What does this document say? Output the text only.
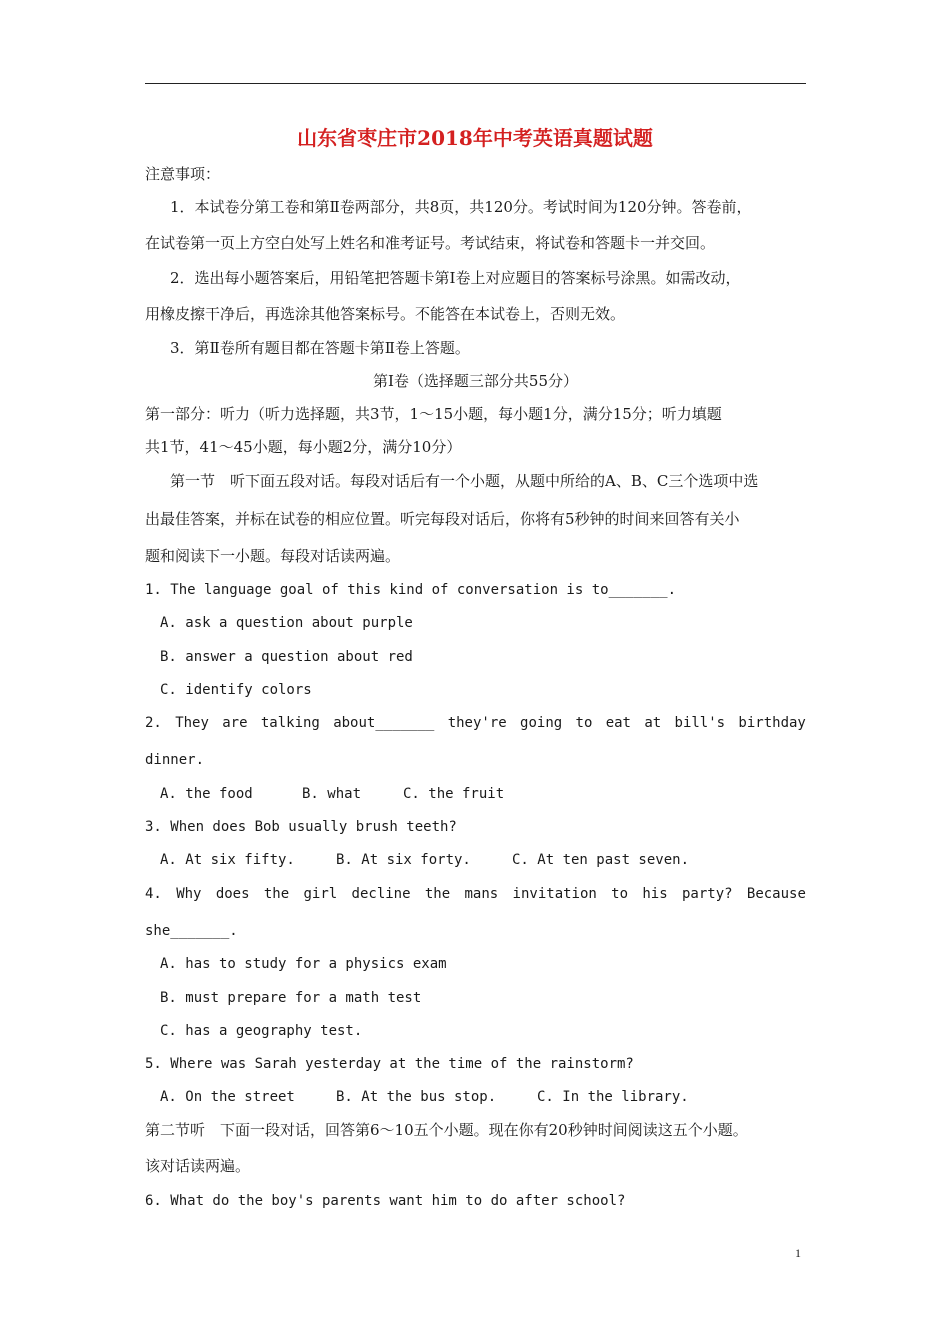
山东省枣庄市2018年中考英语真题试题
注意事项：
1．本试卷分第工卷和第Ⅱ卷两部分，共8页，共120分。考试时间为120分钟。答卷前，
在试卷第一页上方空白处写上姓名和准考证号。考试结束，将试卷和答题卡一并交回。
2．选出每小题答案后，用铅笔把答题卡第Ⅰ卷上对应题目的答案标号涂黑。如需改动，
用橡皮擦干净后，再选涂其他答案标号。不能答在本试卷上，否则无效。
3．第Ⅱ卷所有题目都在答题卡第Ⅱ卷上答题。
第Ⅰ卷（选择题三部分共55分）
第一部分：听力（听力选择题，共3节，1～15小题，每小题1分，满分15分；听力填题
共1节，41～45小题，每小题2分，满分10分）
第一节　听下面五段对话。每段对话后有一个小题，从题中所给的A、B、C三个选项中选
出最佳答案，并标在试卷的相应位置。听完每段对话后，你将有5秒钟的时间来回答有关小
题和阅读下一小题。每段对话读两遍。
1. The language goal of this kind of conversation is to_______.
A. ask a question about purple
B. answer a question about red
C. identify colors
2. They are talking about_______ they're going to eat at bill's birthday
dinner.
A. the food	B. what	C. the fruit
3. When does Bob usually brush teeth?
A. At six fifty.	B. At six forty.	C. At ten past seven.
4. Why does the girl decline the mans invitation to his party? Because
she_______.
A. has to study for a physics exam
B. must prepare for a math test
C. has a geography test.
5. Where was Sarah yesterday at the time of the rainstorm?
A. On the street	B. At the bus stop.	C. In the library.
第二节听　下面一段对话，回答第6～10五个小题。现在你有20秒钟时间阅读这五个小题。
该对话读两遍。
6. What do the boy's parents want him to do after school?
1
